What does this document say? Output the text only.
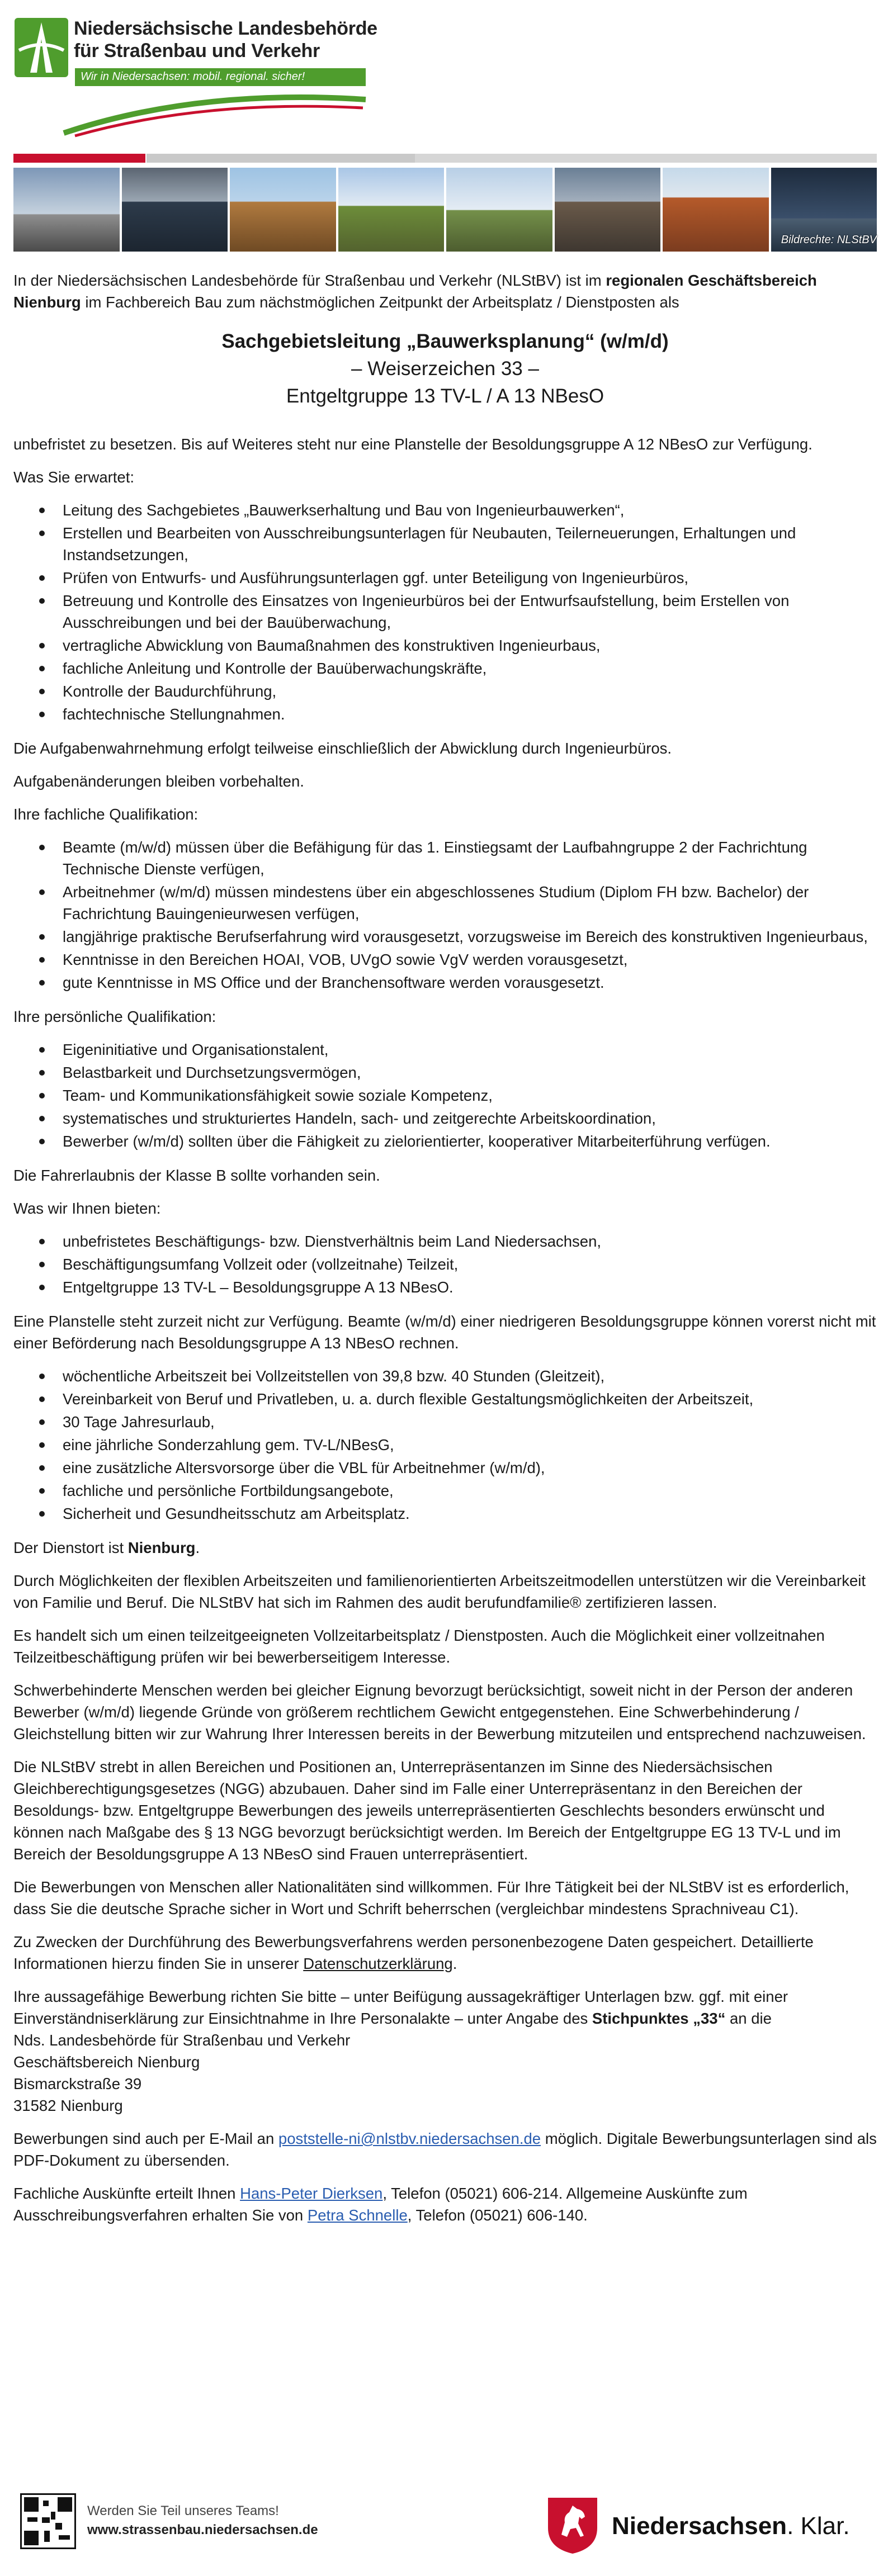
Niedersächsische Landesbehörde
für Straßenbau und Verkehr
Wir in Niedersachsen: mobil. regional. sicher!
Bildrechte: NLStBV

In der Niedersächsischen Landesbehörde für Straßenbau und Verkehr (NLStBV) ist im regionalen Geschäftsbereich Nienburg im Fachbereich Bau zum nächstmöglichen Zeitpunkt der Arbeitsplatz / Dienstposten als

Sachgebietsleitung „Bauwerksplanung“ (w/m/d)
– Weiserzeichen 33 –
Entgeltgruppe 13 TV-L / A 13 NBesO

unbefristet zu besetzen. Bis auf Weiteres steht nur eine Planstelle der Besoldungsgruppe A 12 NBesO zur Verfügung.

Was Sie erwartet:

Leitung des Sachgebietes „Bauwerkserhaltung und Bau von Ingenieurbauwerken“,
Erstellen und Bearbeiten von Ausschreibungsunterlagen für Neubauten, Teilerneuerungen, Erhaltungen und Instandsetzungen,
Prüfen von Entwurfs- und Ausführungsunterlagen ggf. unter Beteiligung von Ingenieurbüros,
Betreuung und Kontrolle des Einsatzes von Ingenieurbüros bei der Entwurfsaufstellung, beim Erstellen von Ausschreibungen und bei der Bauüberwachung,
vertragliche Abwicklung von Baumaßnahmen des konstruktiven Ingenieurbaus,
fachliche Anleitung und Kontrolle der Bauüberwachungskräfte,
Kontrolle der Baudurchführung,
fachtechnische Stellungnahmen.

Die Aufgabenwahrnehmung erfolgt teilweise einschließlich der Abwicklung durch Ingenieurbüros.

Aufgabenänderungen bleiben vorbehalten.

Ihre fachliche Qualifikation:

Beamte (m/w/d) müssen über die Befähigung für das 1. Einstiegsamt der Laufbahngruppe 2 der Fachrichtung Technische Dienste verfügen,
Arbeitnehmer (w/m/d) müssen mindestens über ein abgeschlossenes Studium (Diplom FH bzw. Bachelor) der Fachrichtung Bauingenieurwesen verfügen,
langjährige praktische Berufserfahrung wird vorausgesetzt, vorzugsweise im Bereich des konstruktiven Ingenieurbaus,
Kenntnisse in den Bereichen HOAI, VOB, UVgO sowie VgV werden vorausgesetzt,
gute Kenntnisse in MS Office und der Branchensoftware werden vorausgesetzt.

Ihre persönliche Qualifikation:

Eigeninitiative und Organisationstalent,
Belastbarkeit und Durchsetzungsvermögen,
Team- und Kommunikationsfähigkeit sowie soziale Kompetenz,
systematisches und strukturiertes Handeln, sach- und zeitgerechte Arbeitskoordination,
Bewerber (w/m/d) sollten über die Fähigkeit zu zielorientierter, kooperativer Mitarbeiterführung verfügen.

Die Fahrerlaubnis der Klasse B sollte vorhanden sein.

Was wir Ihnen bieten:

unbefristetes Beschäftigungs- bzw. Dienstverhältnis beim Land Niedersachsen,
Beschäftigungsumfang Vollzeit oder (vollzeitnahe) Teilzeit,
Entgeltgruppe 13 TV-L – Besoldungsgruppe A 13 NBesO.

Eine Planstelle steht zurzeit nicht zur Verfügung. Beamte (w/m/d) einer niedrigeren Besoldungsgruppe können vorerst nicht mit einer Beförderung nach Besoldungsgruppe A 13 NBesO rechnen.

wöchentliche Arbeitszeit bei Vollzeitstellen von 39,8 bzw. 40 Stunden (Gleitzeit),
Vereinbarkeit von Beruf und Privatleben, u. a. durch flexible Gestaltungsmöglichkeiten der Arbeitszeit,
30 Tage Jahresurlaub,
eine jährliche Sonderzahlung gem. TV-L/NBesG,
eine zusätzliche Altersvorsorge über die VBL für Arbeitnehmer (w/m/d),
fachliche und persönliche Fortbildungsangebote,
Sicherheit und Gesundheitsschutz am Arbeitsplatz.

Der Dienstort ist Nienburg.

Durch Möglichkeiten der flexiblen Arbeitszeiten und familienorientierten Arbeitszeitmodellen unterstützen wir die Vereinbarkeit von Familie und Beruf. Die NLStBV hat sich im Rahmen des audit berufundfamilie® zertifizieren lassen.

Es handelt sich um einen teilzeitgeeigneten Vollzeitarbeitsplatz / Dienstposten. Auch die Möglichkeit einer vollzeitnahen Teilzeitbeschäftigung prüfen wir bei bewerberseitigem Interesse.

Schwerbehinderte Menschen werden bei gleicher Eignung bevorzugt berücksichtigt, soweit nicht in der Person der anderen Bewerber (w/m/d) liegende Gründe von größerem rechtlichem Gewicht entgegenstehen. Eine Schwerbehinderung / Gleichstellung bitten wir zur Wahrung Ihrer Interessen bereits in der Bewerbung mitzuteilen und entsprechend nachzuweisen.

Die NLStBV strebt in allen Bereichen und Positionen an, Unterrepräsentanzen im Sinne des Niedersächsischen Gleichberechtigungsgesetzes (NGG) abzubauen. Daher sind im Falle einer Unterrepräsentanz in den Bereichen der Besoldungs- bzw. Entgeltgruppe Bewerbungen des jeweils unterrepräsentierten Geschlechts besonders erwünscht und können nach Maßgabe des § 13 NGG bevorzugt berücksichtigt werden. Im Bereich der Entgeltgruppe EG 13 TV-L und im Bereich der Besoldungsgruppe A 13 NBesO sind Frauen unterrepräsentiert.

Die Bewerbungen von Menschen aller Nationalitäten sind willkommen. Für Ihre Tätigkeit bei der NLStBV ist es erforderlich, dass Sie die deutsche Sprache sicher in Wort und Schrift beherrschen (vergleichbar mindestens Sprachniveau C1).

Zu Zwecken der Durchführung des Bewerbungsverfahrens werden personenbezogene Daten gespeichert. Detaillierte Informationen hierzu finden Sie in unserer Datenschutzerklärung.

Ihre aussagefähige Bewerbung richten Sie bitte – unter Beifügung aussagekräftiger Unterlagen bzw. ggf. mit einer Einverständniserklärung zur Einsichtnahme in Ihre Personalakte – unter Angabe des Stichpunktes „33“ an die

Nds. Landesbehörde für Straßenbau und Verkehr

Geschäftsbereich Nienburg

Bismarckstraße 39

31582 Nienburg

Bewerbungen sind auch per E-Mail an poststelle-ni@nlstbv.niedersachsen.de möglich. Digitale Bewerbungsunterlagen sind als PDF-Dokument zu übersenden.

Fachliche Auskünfte erteilt Ihnen Hans-Peter Dierksen, Telefon (05021) 606-214. Allgemeine Auskünfte zum Ausschreibungsverfahren erhalten Sie von Petra Schnelle, Telefon (05021) 606-140.

Werden Sie Teil unseres Teams!
www.strassenbau.niedersachsen.de	Niedersachsen. Klar.
